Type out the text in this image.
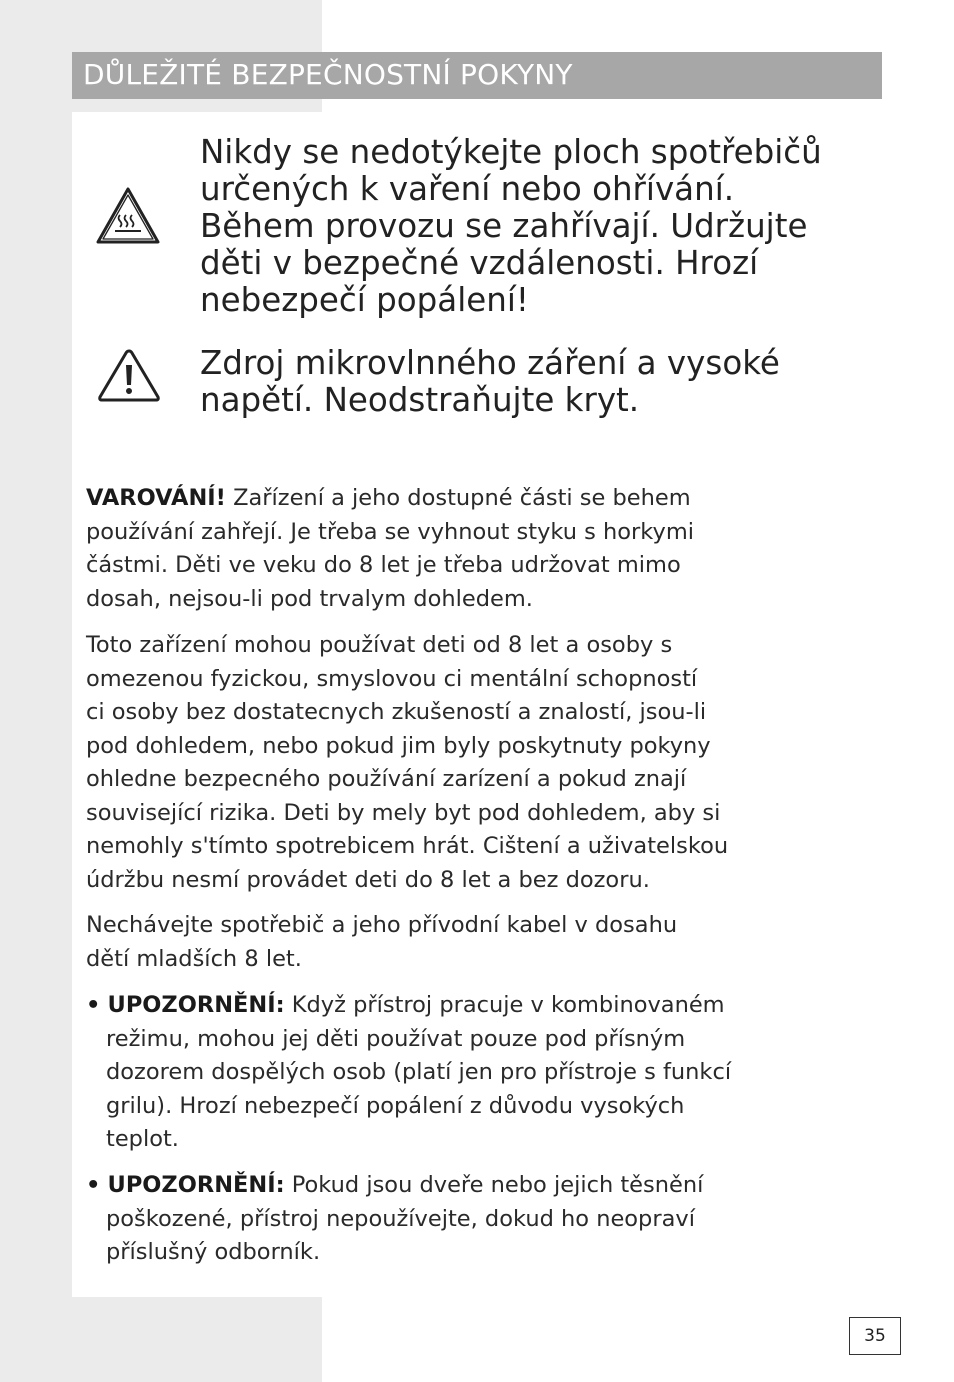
DŮLEŽITÉ BEZPEČNOSTNÍ POKYNY
Nikdy se nedotýkejte ploch spotřebičů
určených k vaření nebo ohřívání.
Během provozu se zahřívají. Udržujte
děti v bezpečné vzdálenosti. Hrozí
nebezpečí popálení!
Zdroj mikrovlnného záření a vysoké
napětí. Neodstraňujte kryt.
VAROVÁNÍ! Zařízení a jeho dostupné části se behem
používání zahřejí. Je třeba se vyhnout styku s horkymi
částmi. Děti ve veku do 8 let je třeba udržovat mimo
dosah, nejsou-li pod trvalym dohledem.
Toto zařízení mohou používat deti od 8 let a osoby s
omezenou fyzickou, smyslovou ci mentální schopností
ci osoby bez dostatecnych zkušeností a znalostí, jsou-li
pod dohledem, nebo pokud jim byly poskytnuty pokyny
ohledne bezpecného používání zarízení a pokud znají
související rizika. Deti by mely byt pod dohledem, aby si
nemohly s'tímto spotrebicem hrát. Cištení a uživatelskou
údržbu nesmí provádet deti do 8 let a bez dozoru.
Nechávejte spotřebič a jeho přívodní kabel v dosahu
dětí mladších 8 let.
• UPOZORNĚNÍ: Když přístroj pracuje v kombinovaném
režimu, mohou jej děti používat pouze pod přísným
dozorem dospělých osob (platí jen pro přístroje s funkcí
grilu). Hrozí nebezpečí popálení z důvodu vysokých
teplot.
• UPOZORNĚNÍ: Pokud jsou dveře nebo jejich těsnění
poškozené, přístroj nepoužívejte, dokud ho neopraví
příslušný odborník.
35
